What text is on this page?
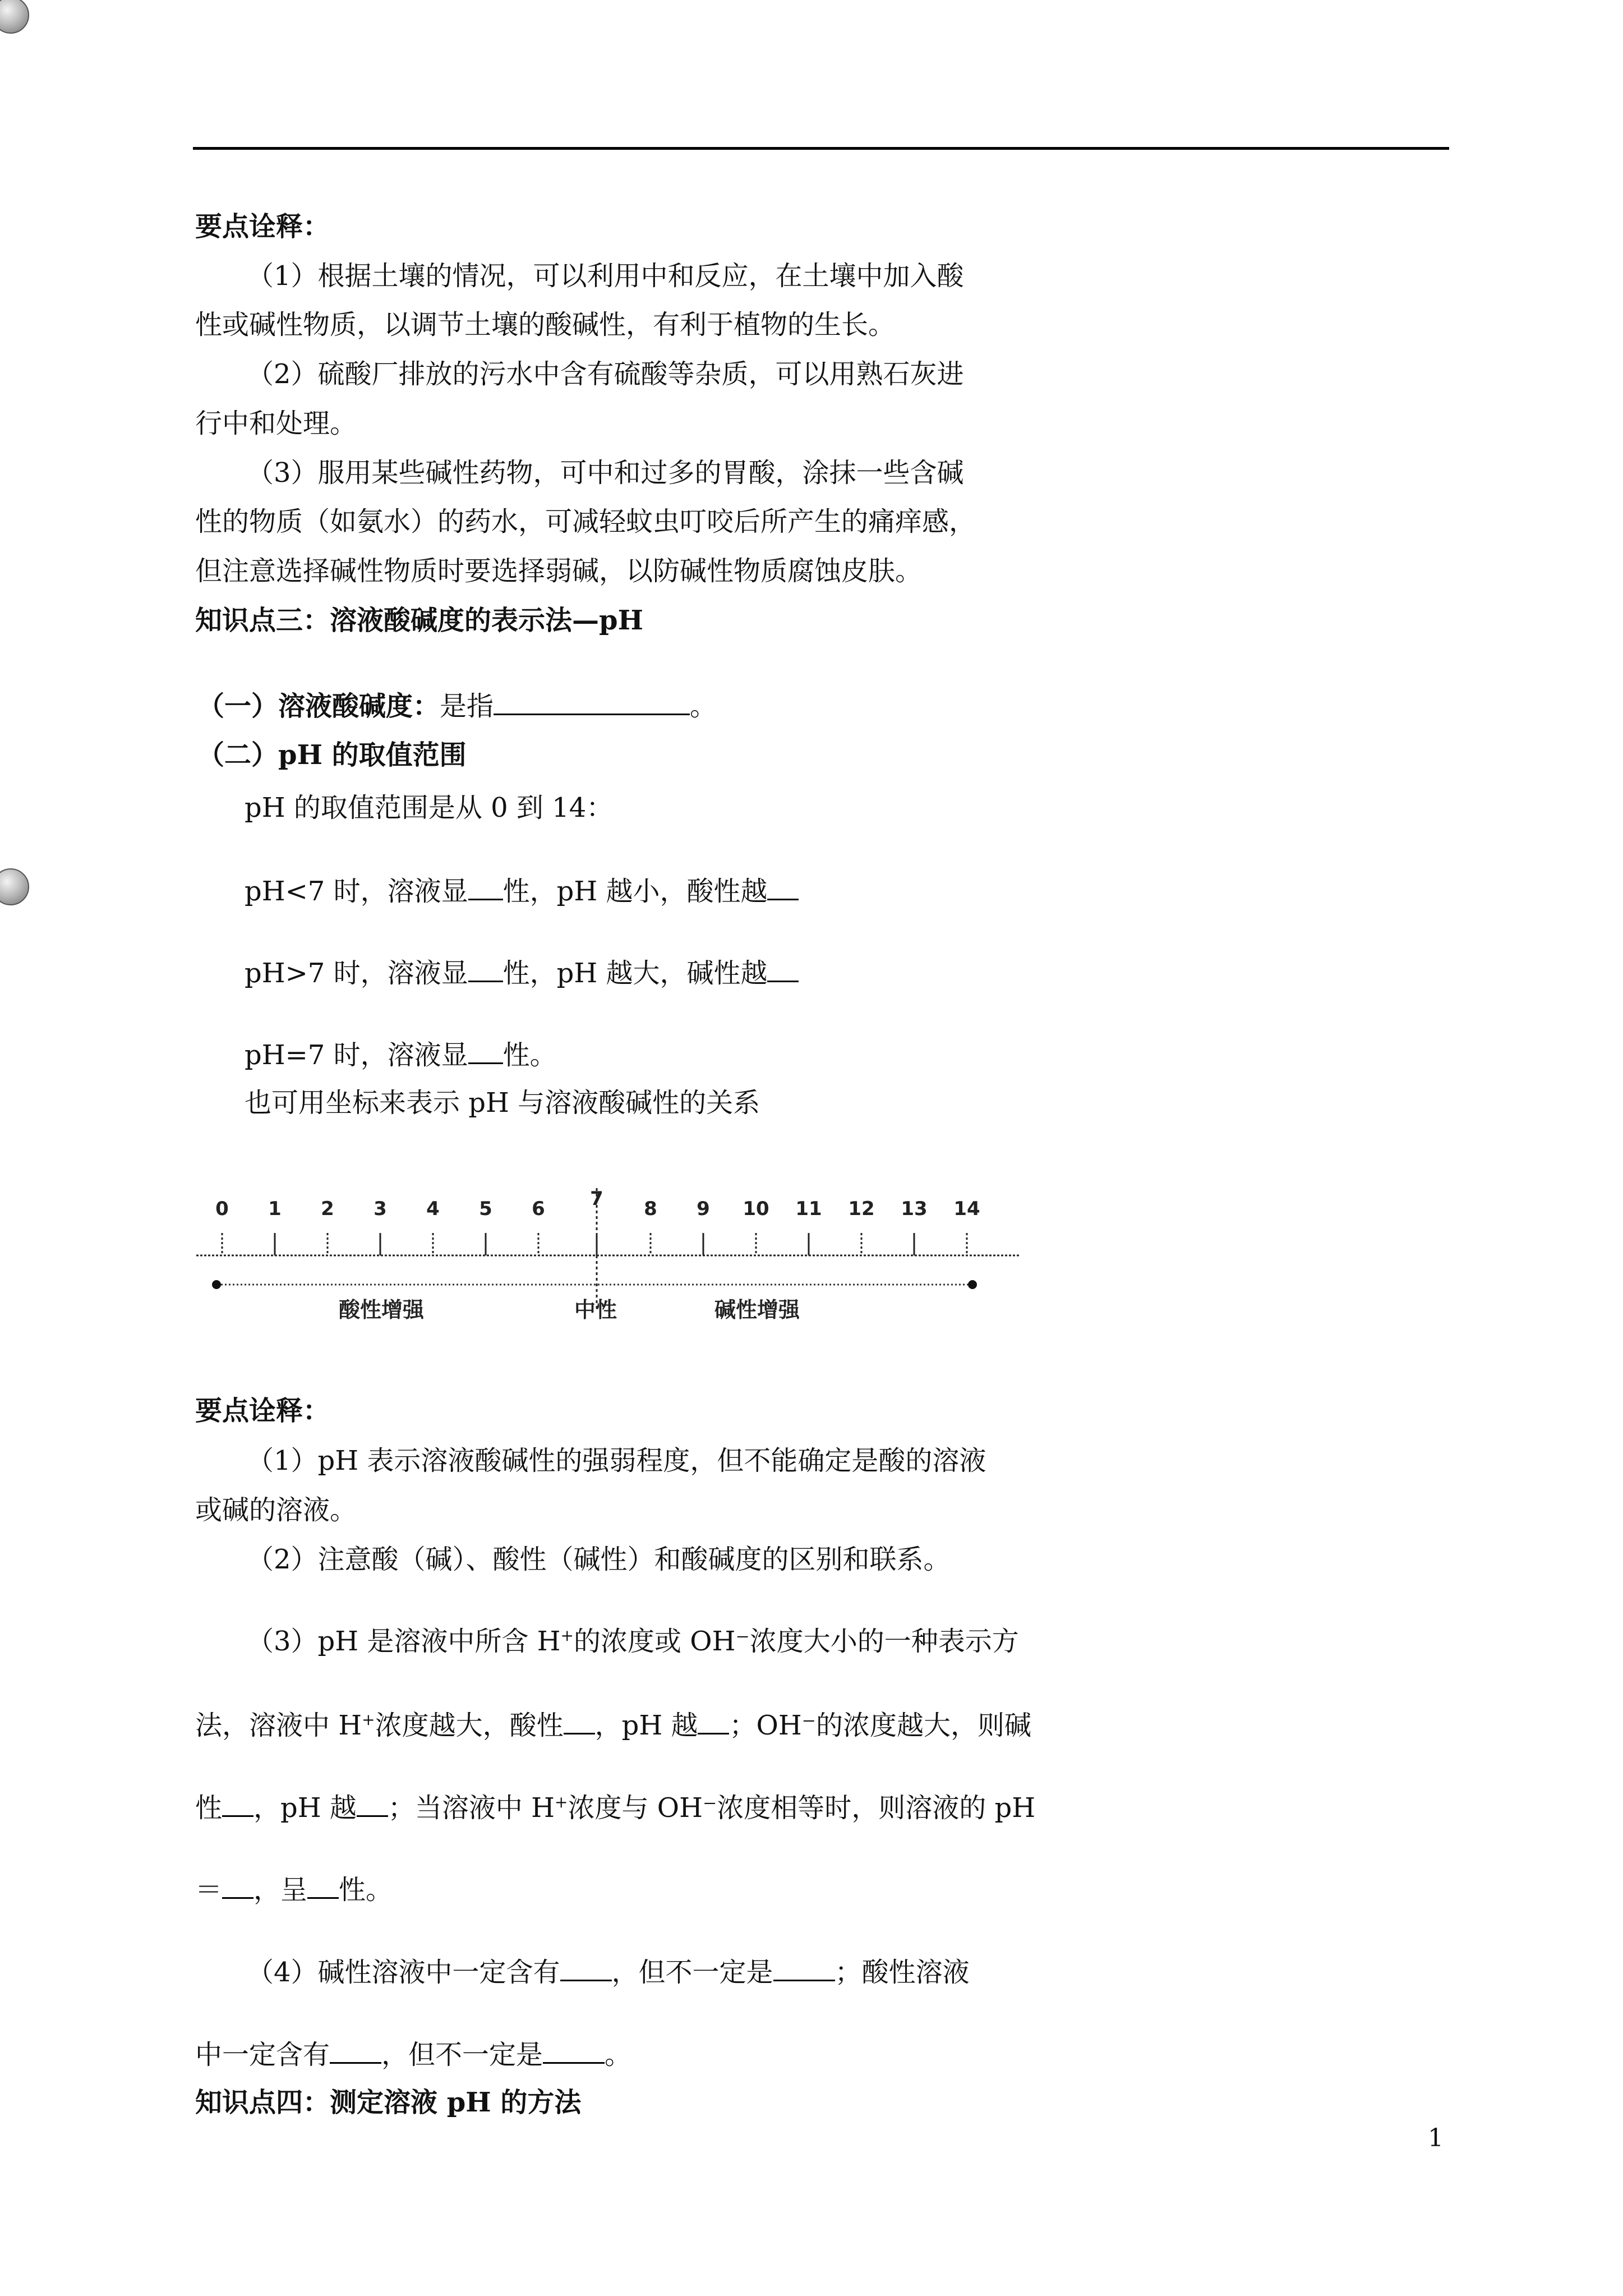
要点诠释：
（1）根据土壤的情况，可以利用中和反应，在土壤中加入酸
性或碱性物质，以调节土壤的酸碱性，有利于植物的生长。
（2）硫酸厂排放的污水中含有硫酸等杂质，可以用熟石灰进
行中和处理。
（3）服用某些碱性药物，可中和过多的胃酸，涂抹一些含碱
性的物质（如氨水）的药水，可减轻蚊虫叮咬后所产生的痛痒感，
但注意选择碱性物质时要选择弱碱，以防碱性物质腐蚀皮肤。
知识点三：溶液酸碱度的表示法—pH
（一）溶液酸碱度：是指	。
（二）pH 的取值范围
pH 的取值范围是从 0 到 14：
pH<7 时，溶液显 性，pH 越小，酸性越
pH>7 时，溶液显 性，pH 越大，碱性越
pH=7 时，溶液显 性。
也可用坐标来表示 pH 与溶液酸碱性的关系
0 1 2 3 4 5 6 7 8 9 10 11 12 13 14
酸性增强	中性	碱性增强
要点诠释：
（1）pH 表示溶液酸碱性的强弱程度，但不能确定是酸的溶液
或碱的溶液。
（2）注意酸（碱）、酸性（碱性）和酸碱度的区别和联系。
（3）pH 是溶液中所含 H+的浓度或 OH⁻浓度大小的一种表示方
法，溶液中 H+浓度越大，酸性 ，pH 越 ；OH⁻的浓度越大，则碱
性 ，pH 越 ；当溶液中 H+浓度与 OH⁻浓度相等时，则溶液的 pH
＝ ，呈 性。
（4）碱性溶液中一定含有 ，但不一定是 ；酸性溶液
中一定含有 ，但不一定是 。
知识点四：测定溶液 pH 的方法
1
